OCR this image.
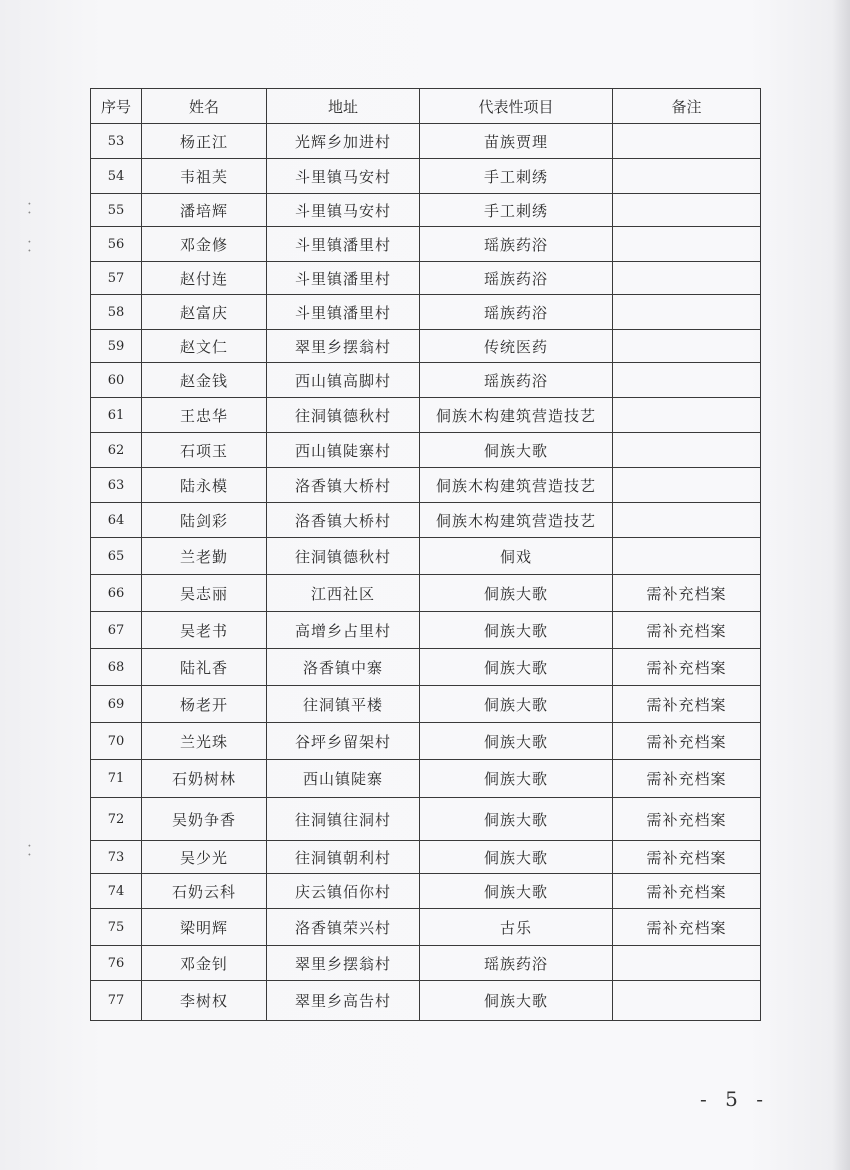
· ·
· ·
· ·
序号	姓名	地址	代表性项目	备注
53	杨正江	光辉乡加进村	苗族贾理	
54	韦祖芙	斗里镇马安村	手工刺绣	
55	潘培辉	斗里镇马安村	手工刺绣	
56	邓金修	斗里镇潘里村	瑶族药浴	
57	赵付连	斗里镇潘里村	瑶族药浴	
58	赵富庆	斗里镇潘里村	瑶族药浴	
59	赵文仁	翠里乡摆翁村	传统医药	
60	赵金钱	西山镇高脚村	瑶族药浴	
61	王忠华	往洞镇德秋村	侗族木构建筑营造技艺	
62	石项玉	西山镇陡寨村	侗族大歌	
63	陆永模	洛香镇大桥村	侗族木构建筑营造技艺	
64	陆剑彩	洛香镇大桥村	侗族木构建筑营造技艺	
65	兰老勤	往洞镇德秋村	侗戏	
66	吴志丽	江西社区	侗族大歌	需补充档案
67	吴老书	高增乡占里村	侗族大歌	需补充档案
68	陆礼香	洛香镇中寨	侗族大歌	需补充档案
69	杨老开	往洞镇平楼	侗族大歌	需补充档案
70	兰光珠	谷坪乡留架村	侗族大歌	需补充档案
71	石奶树林	西山镇陡寨	侗族大歌	需补充档案
72	吴奶争香	往洞镇往洞村	侗族大歌	需补充档案
73	吴少光	往洞镇朝利村	侗族大歌	需补充档案
74	石奶云科	庆云镇佰你村	侗族大歌	需补充档案
75	梁明辉	洛香镇荣兴村	古乐	需补充档案
76	邓金钊	翠里乡摆翁村	瑶族药浴	
77	李树权	翠里乡高告村	侗族大歌	
- 5 -
